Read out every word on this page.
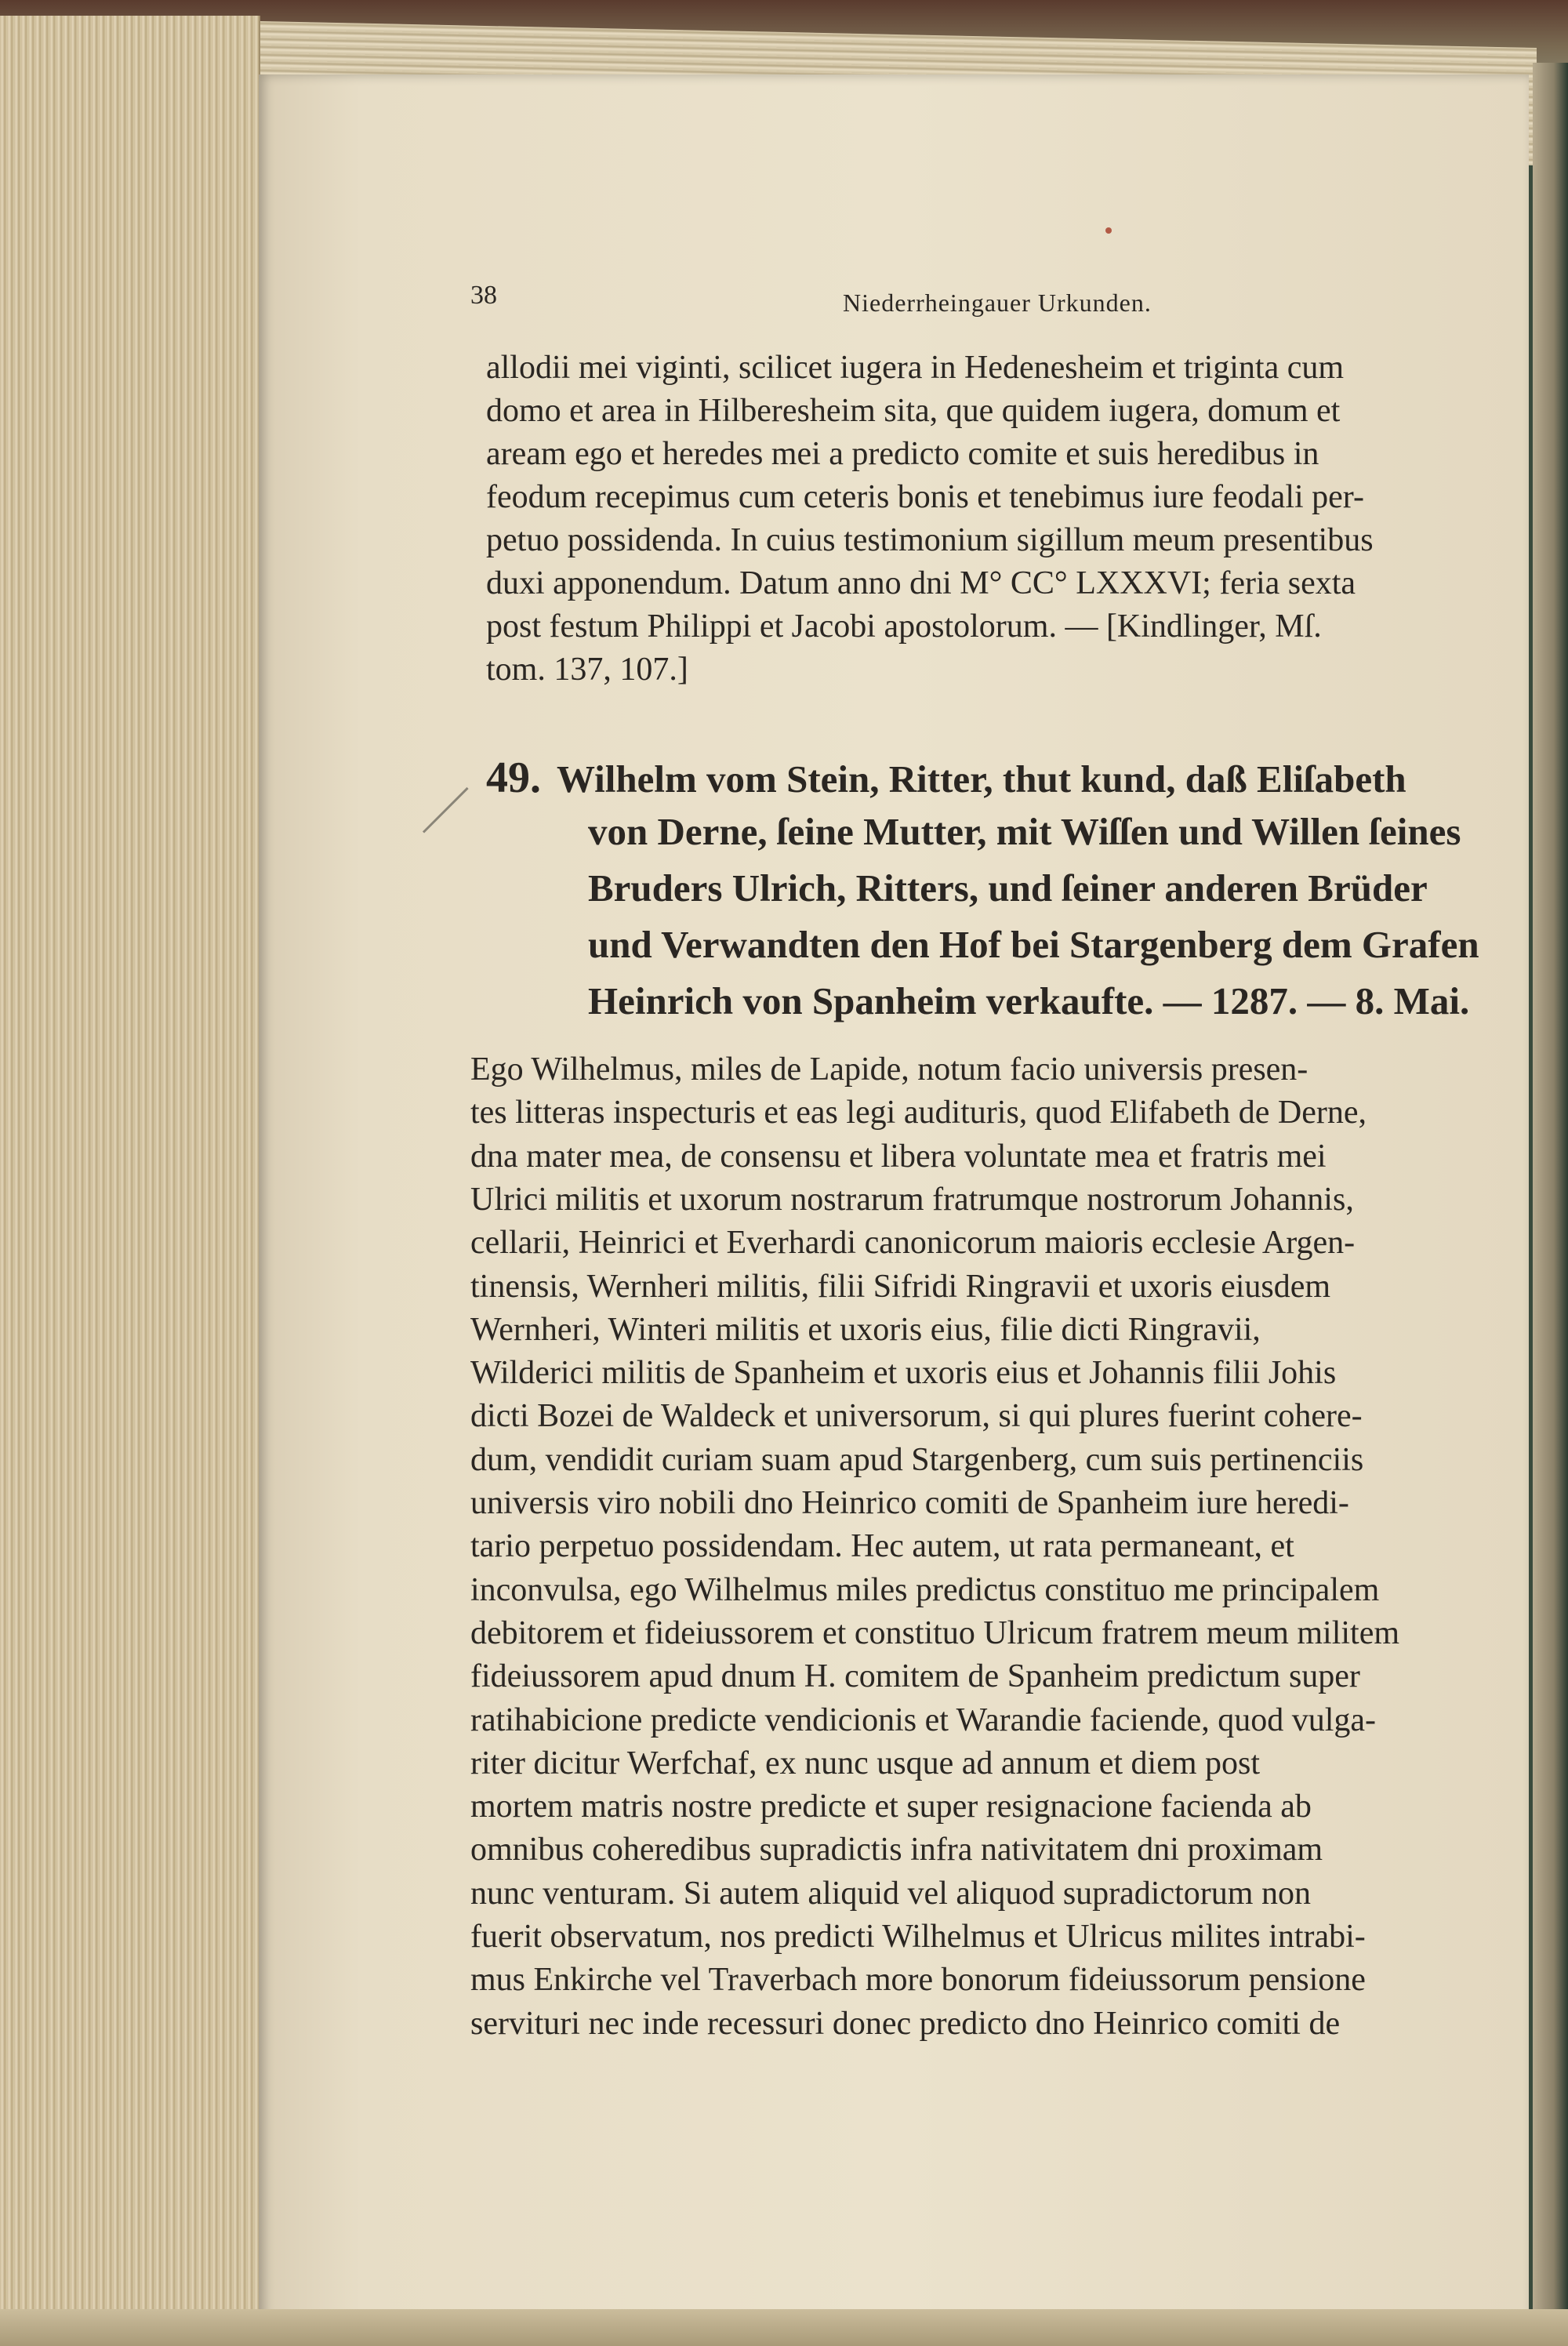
38	Niederrheingauer Urkunden.
allodii mei viginti, scilicet iugera in Hedenesheim et triginta cum
domo et area in Hilberesheim sita, que quidem iugera, domum et
aream ego et heredes mei a predicto comite et suis heredibus in
feodum recepimus cum ceteris bonis et tenebimus iure feodali per-
petuo possidenda. In cuius testimonium sigillum meum presentibus
duxi apponendum. Datum anno dni M° CC° LXXXVI; feria sexta
post festum Philippi et Jacobi apostolorum. — [Kindlinger, Mſ.
tom. 137, 107.]
49. Wilhelm vom Stein, Ritter, thut kund, daß Eliſabeth
von Derne, ſeine Mutter, mit Wiſſen und Willen ſeines
Bruders Ulrich, Ritters, und ſeiner anderen Brüder
und Verwandten den Hof bei Stargenberg dem Grafen
Heinrich von Spanheim verkaufte. — 1287. — 8. Mai.
Ego Wilhelmus, miles de Lapide, notum facio universis presen-
tes litteras inspecturis et eas legi audituris, quod Elifabeth de Derne,
dna mater mea, de consensu et libera voluntate mea et fratris mei
Ulrici militis et uxorum nostrarum fratrumque nostrorum Johannis,
cellarii, Heinrici et Everhardi canonicorum maioris ecclesie Argen-
tinensis, Wernheri militis, filii Sifridi Ringravii et uxoris eiusdem
Wernheri, Winteri militis et uxoris eius, filie dicti Ringravii,
Wilderici militis de Spanheim et uxoris eius et Johannis filii Johis
dicti Bozei de Waldeck et universorum, si qui plures fuerint cohere-
dum, vendidit curiam suam apud Stargenberg, cum suis pertinenciis
universis viro nobili dno Heinrico comiti de Spanheim iure heredi-
tario perpetuo possidendam. Hec autem, ut rata permaneant, et
inconvulsa, ego Wilhelmus miles predictus constituo me principalem
debitorem et fideiussorem et constituo Ulricum fratrem meum militem
fideiussorem apud dnum H. comitem de Spanheim predictum super
ratihabicione predicte vendicionis et Warandie faciende, quod vulga-
riter dicitur Werfchaf, ex nunc usque ad annum et diem post
mortem matris nostre predicte et super resignacione facienda ab
omnibus coheredibus supradictis infra nativitatem dni proximam
nunc venturam. Si autem aliquid vel aliquod supradictorum non
fuerit observatum, nos predicti Wilhelmus et Ulricus milites intrabi-
mus Enkirche vel Traverbach more bonorum fideiussorum pensione
servituri nec inde recessuri donec predicto dno Heinrico comiti de
